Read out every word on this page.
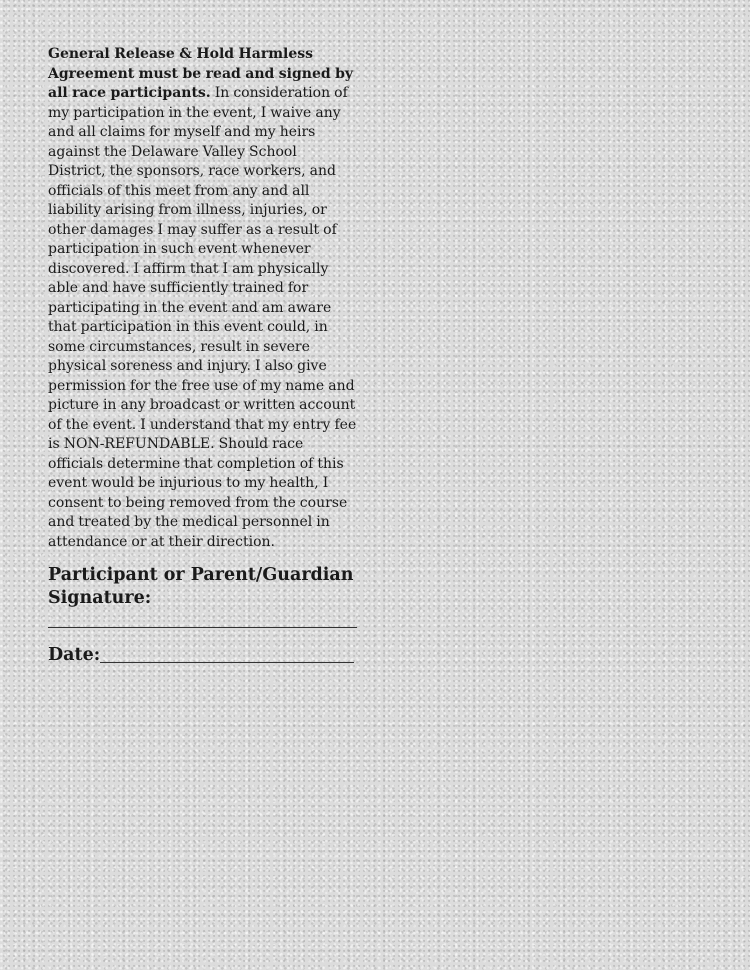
General Release & Hold Harmless Agreement must be read and signed by all race participants. In consideration of my participation in the event, I waive any and all claims for myself and my heirs against the Delaware Valley School District, the sponsors, race workers, and officials of this meet from any and all liability arising from illness, injuries, or other damages I may suffer as a result of participation in such event whenever discovered. I affirm that I am physically able and have sufficiently trained for participating in the event and am aware that participation in this event could, in some circumstances, result in severe physical soreness and injury. I also give permission for the free use of my name and picture in any broadcast or written account of the event. I understand that my entry fee is NON-REFUNDABLE. Should race officials determine that completion of this event would be injurious to my health, I consent to being removed from the course and treated by the medical personnel in attendance or at their direction.

Participant or Parent/Guardian Signature:
Date:
